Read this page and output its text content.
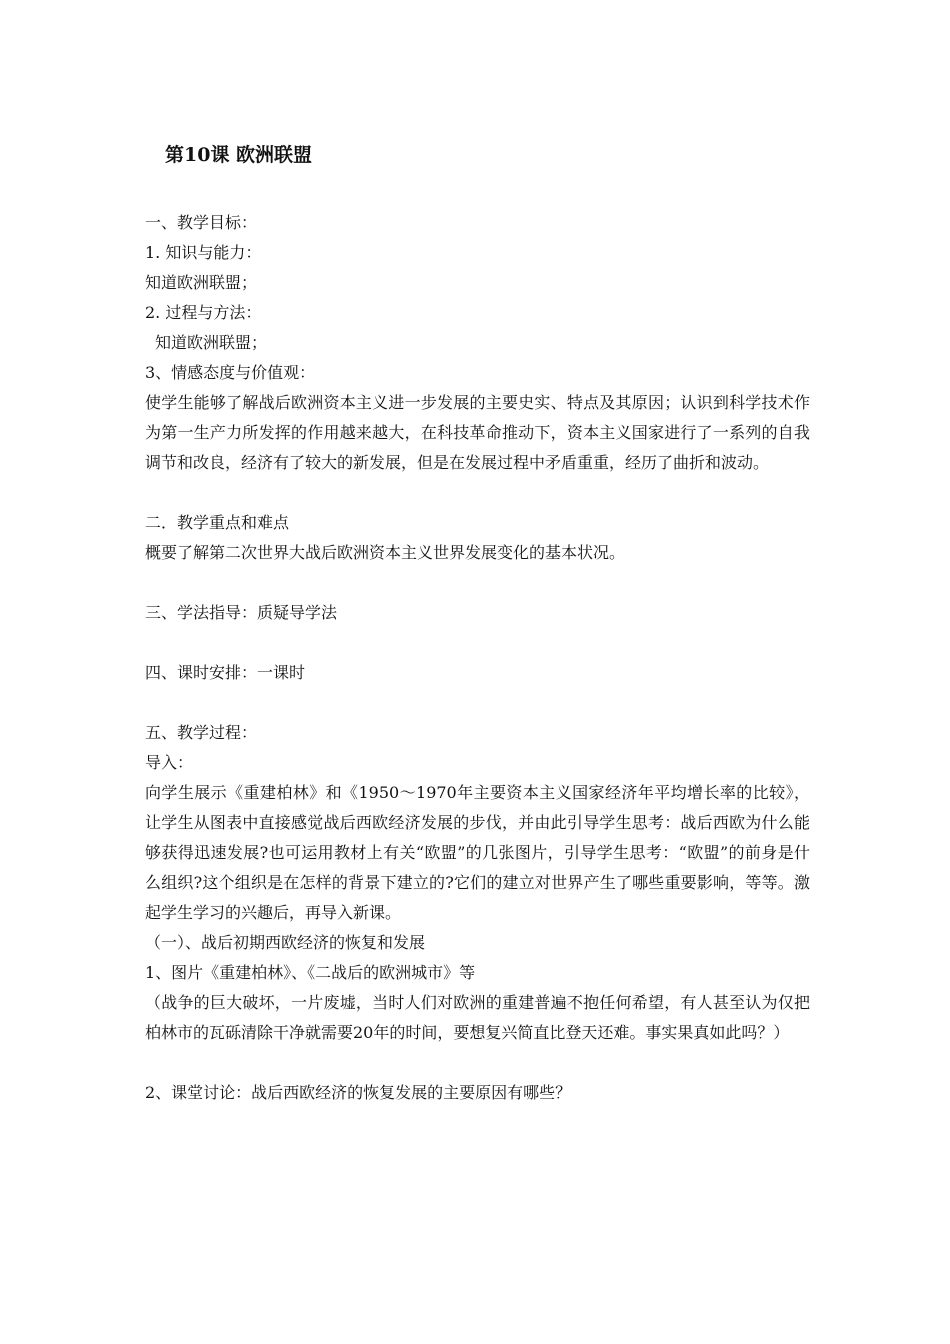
第10课 欧洲联盟
一、教学目标：
1. 知识与能力：
知道欧洲联盟；
2. 过程与方法：
知道欧洲联盟；
3、情感态度与价值观：
使学生能够了解战后欧洲资本主义进一步发展的主要史实、特点及其原因；认识到科学技术作为第一生产力所发挥的作用越来越大，在科技革命推动下，资本主义国家进行了一系列的自我调节和改良，经济有了较大的新发展，但是在发展过程中矛盾重重，经历了曲折和波动。
二．教学重点和难点
概要了解第二次世界大战后欧洲资本主义世界发展变化的基本状况。
三、学法指导：质疑导学法
四、课时安排：一课时
五、教学过程：
导入：
向学生展示《重建柏林》和《1950～1970年主要资本主义国家经济年平均增长率的比较》，让学生从图表中直接感觉战后西欧经济发展的步伐，并由此引导学生思考：战后西欧为什么能够获得迅速发展?也可运用教材上有关“欧盟”的几张图片，引导学生思考：“欧盟”的前身是什么组织?这个组织是在怎样的背景下建立的?它们的建立对世界产生了哪些重要影响，等等。激起学生学习的兴趣后，再导入新课。
（一）、战后初期西欧经济的恢复和发展
1、图片《重建柏林》、《二战后的欧洲城市》等
（战争的巨大破坏，一片废墟，当时人们对欧洲的重建普遍不抱任何希望，有人甚至认为仅把柏林市的瓦砾清除干净就需要20年的时间，要想复兴简直比登天还难。事实果真如此吗？）
2、课堂讨论：战后西欧经济的恢复发展的主要原因有哪些？
